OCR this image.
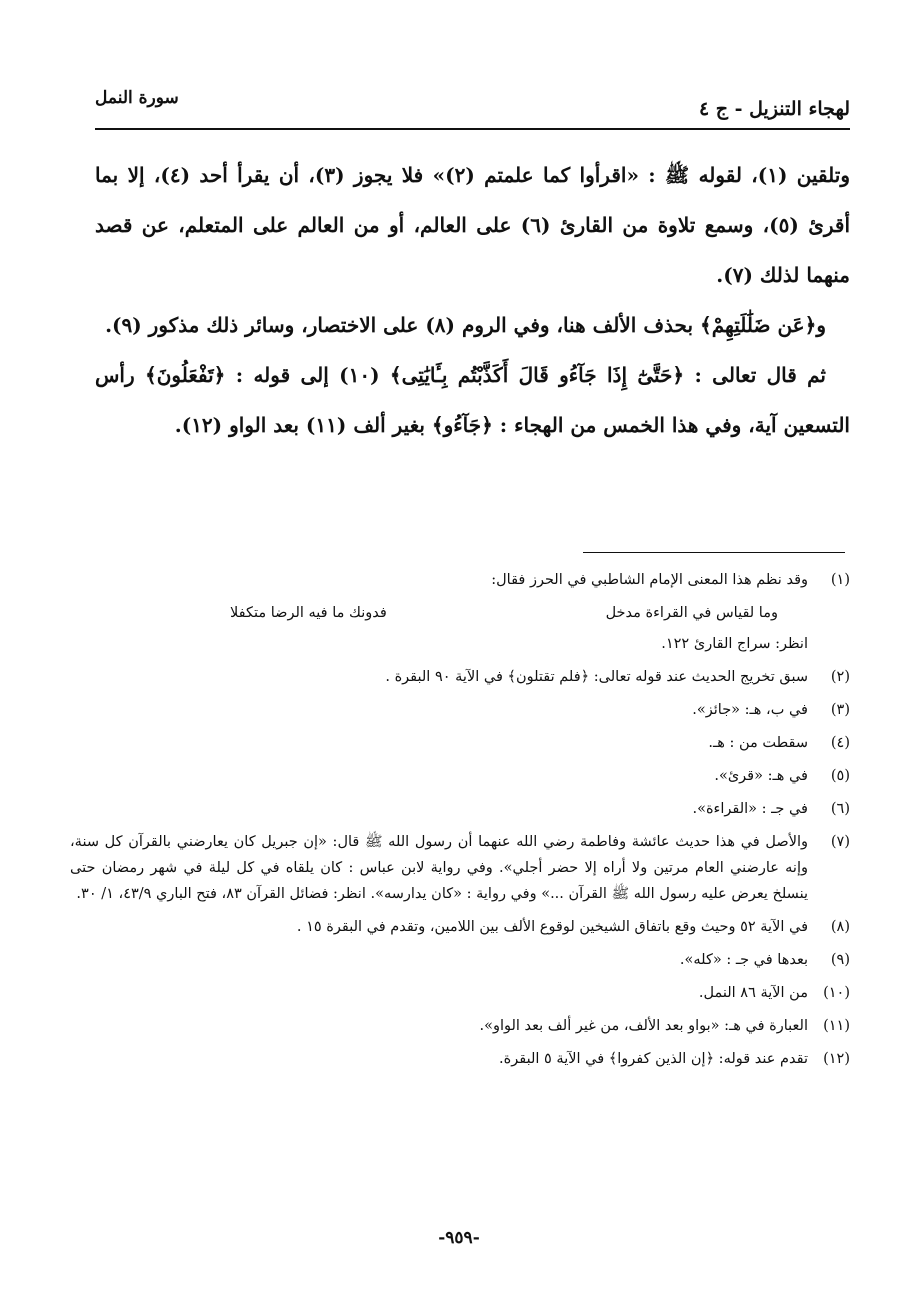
لهجاء التنزيل - ج ٤
سورة النمل

وتلقين (١)، لقوله ﷺ : «اقرأوا كما علمتم (٢)» فلا يجوز (٣)، أن يقرأ أحد (٤)، إلا بما أقرئ (٥)، وسمع تلاوة من القارئ (٦) على العالم، أو من العالم على المتعلم، عن قصد منهما لذلك (٧).

و﴿عَن ضَلَٰلَتِهِمْ﴾ بحذف الألف هنا، وفي الروم (٨) على الاختصار، وسائر ذلك مذكور (٩).

ثم قال تعالى : ﴿حَتَّىٰٓ إِذَا جَآءُو قَالَ أَكَذَّبْتُم بِـَٔايَٰتِى﴾ (١٠) إلى قوله : ﴿تَفْعَلُونَ﴾ رأس التسعين آية، وفي هذا الخمس من الهجاء : ﴿جَآءُو﴾ بغير ألف (١١) بعد الواو (١٢).

(١)
وقد نظم هذا المعنى الإمام الشاطبي في الحرز فقال:
وما لقياس في القراءة مدخل
فدونك ما فيه الرضا متكفلا
انظر: سراج القارئ ١٢٢.
(٢)
سبق تخريج الحديث عند قوله تعالى: ﴿فلم تقتلون﴾ في الآية ٩٠ البقرة .
(٣)
في ب، هـ: «جائز».
(٤)
سقطت من : هـ.
(٥)
في هـ: «قرئ».
(٦)
في جـ : «القراءة».
(٧)
والأصل في هذا حديث عائشة وفاطمة رضي الله عنهما أن رسول الله ﷺ قال: «إن جبريل كان يعارضني بالقرآن كل سنة، وإنه عارضني العام مرتين ولا أراه إلا حضر أجلي». وفي رواية لابن عباس : كان يلقاه في كل ليلة في شهر رمضان حتى ينسلخ يعرض عليه رسول الله ﷺ القرآن ...» وفي رواية : «كان يدارسه». انظر: فضائل القرآن ٨٣، فتح الباري ٤٣/٩، ١/ ٣٠.
(٨)
في الآية ٥٢ وحيث وقع باتفاق الشيخين لوقوع الألف بين اللامين، وتقدم في البقرة ١٥ .
(٩)
بعدها في جـ : «كله».
(١٠)
من الآية ٨٦ النمل.
(١١)
العبارة في هـ: «بواو بعد الألف، من غير ألف بعد الواو».
(١٢)
تقدم عند قوله: ﴿إن الذين كفروا﴾ في الآية ٥ البقرة.
-٩٥٩-
